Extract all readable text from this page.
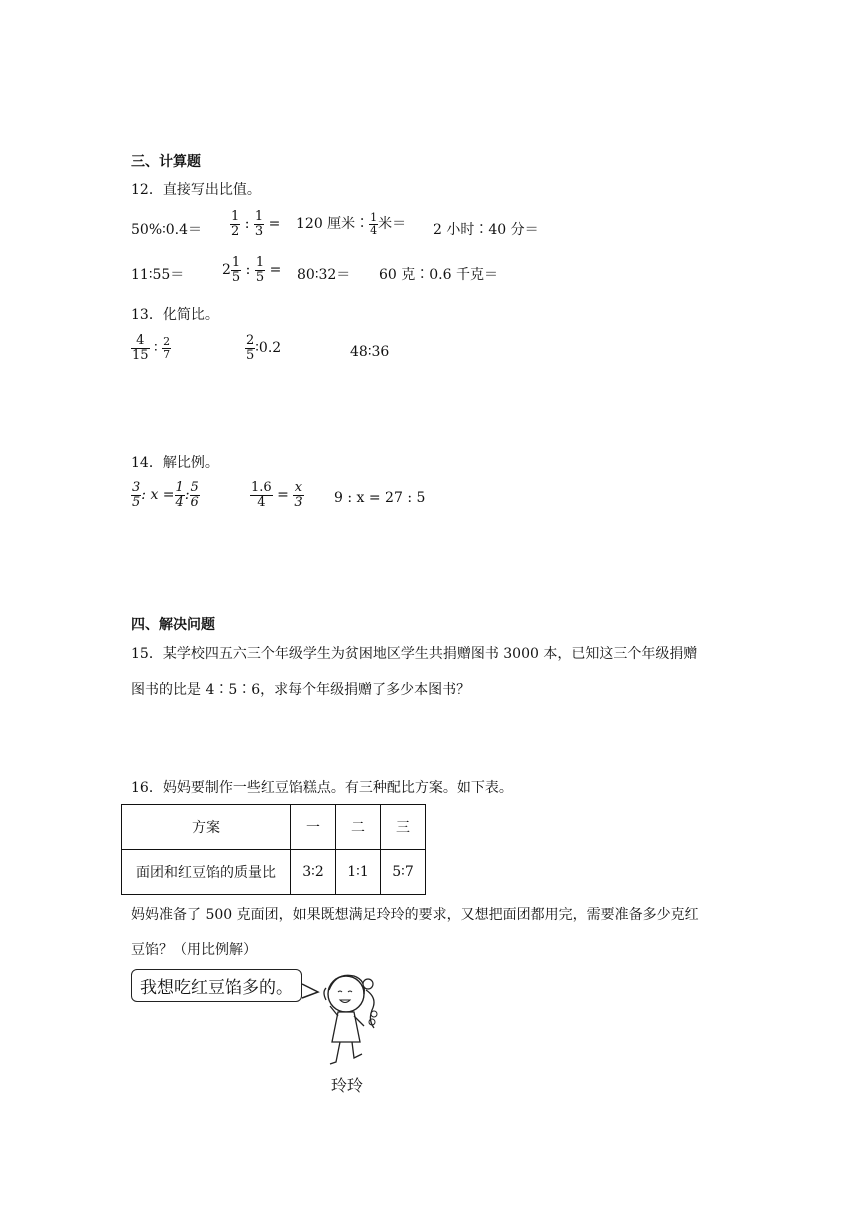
三、计算题
12．直接写出比值。
50%∶0.4＝ $\frac{1}{2}$ : $\frac{1}{3} = 120$ 厘米∶ $\frac{1}{4}$ 米＝ 2 小时∶40 分＝
11∶55＝	$2 \frac{1}{5}$ : $\frac{1}{5}$ = 80∶32＝ 60 克∶0.6 千克＝
13．化简比。
$\frac{4}{15}$ ∶ $\frac{2}{7}$	$\frac{2}{5}$ ∶0.2	48∶36
14．解比例。
$\frac{3}{5}$ : $x = \frac{1}{4}$ : $\frac{5}{6}$	$\frac{1.6}{4} = \frac{x}{3} 9$ : x = 27 : 5
四、解决问题
15．某学校四五六三个年级学生为贫困地区学生共捐赠图书 3000 本，已知这三个年级捐赠
图书的比是 4∶5∶6，求每个年级捐赠了多少本图书？
16．妈妈要制作一些红豆馅糕点。有三种配比方案。如下表。
方案	一	二	三
面团和红豆馅的质量比	3∶2	1∶1	5∶7
妈妈准备了 500 克面团，如果既想满足玲玲的要求，又想把面团都用完，需要准备多少克红
豆馅？（用比例解）
我想吃红豆馅多的。
玲玲
